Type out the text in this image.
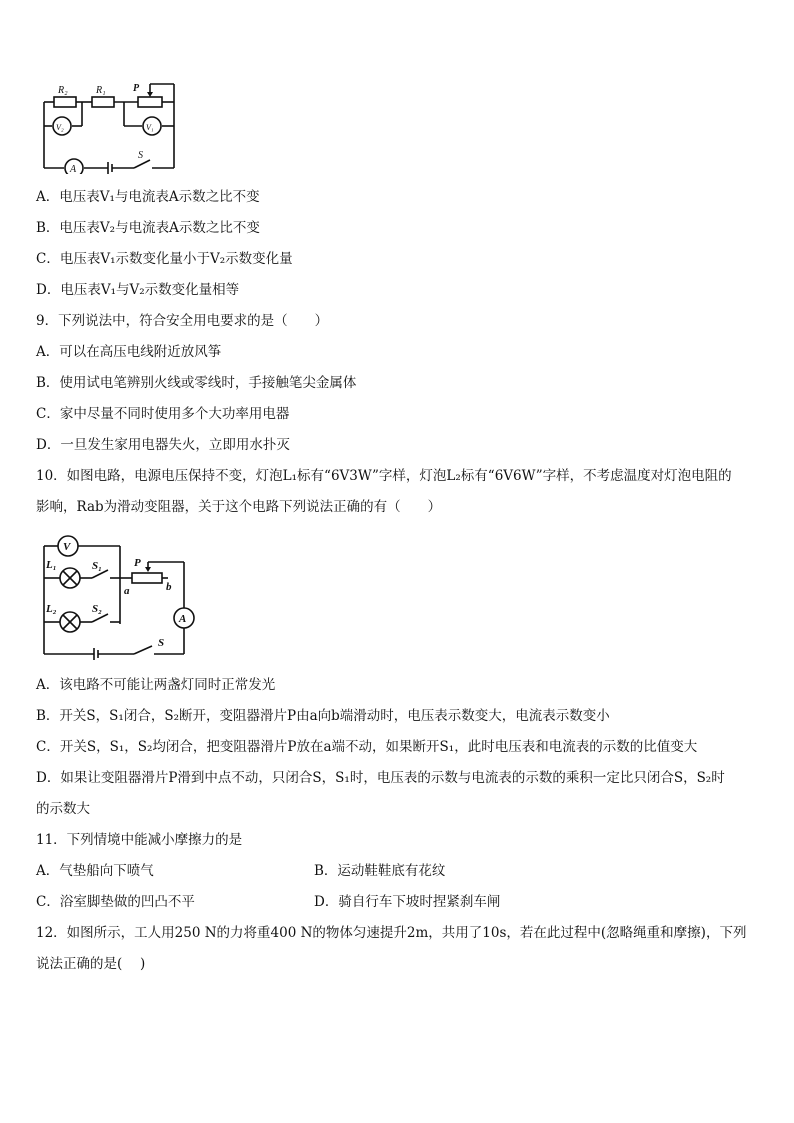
R₂	R₁	P
V₂	V₁
A
S
A．电压表V₁与电流表A示数之比不变
B．电压表V₂与电流表A示数之比不变
C．电压表V₁示数变化量小于V₂示数变化量
D．电压表V₁与V₂示数变化量相等
9．下列说法中，符合安全用电要求的是（　　）
A．可以在高压电线附近放风筝
B．使用试电笔辨别火线或零线时，手接触笔尖金属体
C．家中尽量不同时使用多个大功率用电器
D．一旦发生家用电器失火，立即用水扑灭
10．如图电路，电源电压保持不变，灯泡L₁标有“6V3W”字样，灯泡L₂标有“6V6W”字样，不考虑温度对灯泡电阻的
影响，Rab为滑动变阻器，关于这个电路下列说法正确的有（　　）
V
L₁	S₁
L₂	S₂
P
a	b
A
S
A．该电路不可能让两盏灯同时正常发光
B．开关S，S₁闭合，S₂断开，变阻器滑片P由a向b端滑动时，电压表示数变大，电流表示数变小
C．开关S，S₁，S₂均闭合，把变阻器滑片P放在a端不动，如果断开S₁，此时电压表和电流表的示数的比值变大
D．如果让变阻器滑片P滑到中点不动，只闭合S，S₁时，电压表的示数与电流表的示数的乘积一定比只闭合S，S₂时
的示数大
11．下列情境中能减小摩擦力的是
A．气垫船向下喷气	B．运动鞋鞋底有花纹
C．浴室脚垫做的凹凸不平	D．骑自行车下坡时捏紧刹车闸
12．如图所示，工人用250 N的力将重400 N的物体匀速提升2m，共用了10s，若在此过程中(忽略绳重和摩擦)，下列
说法正确的是(　 )
